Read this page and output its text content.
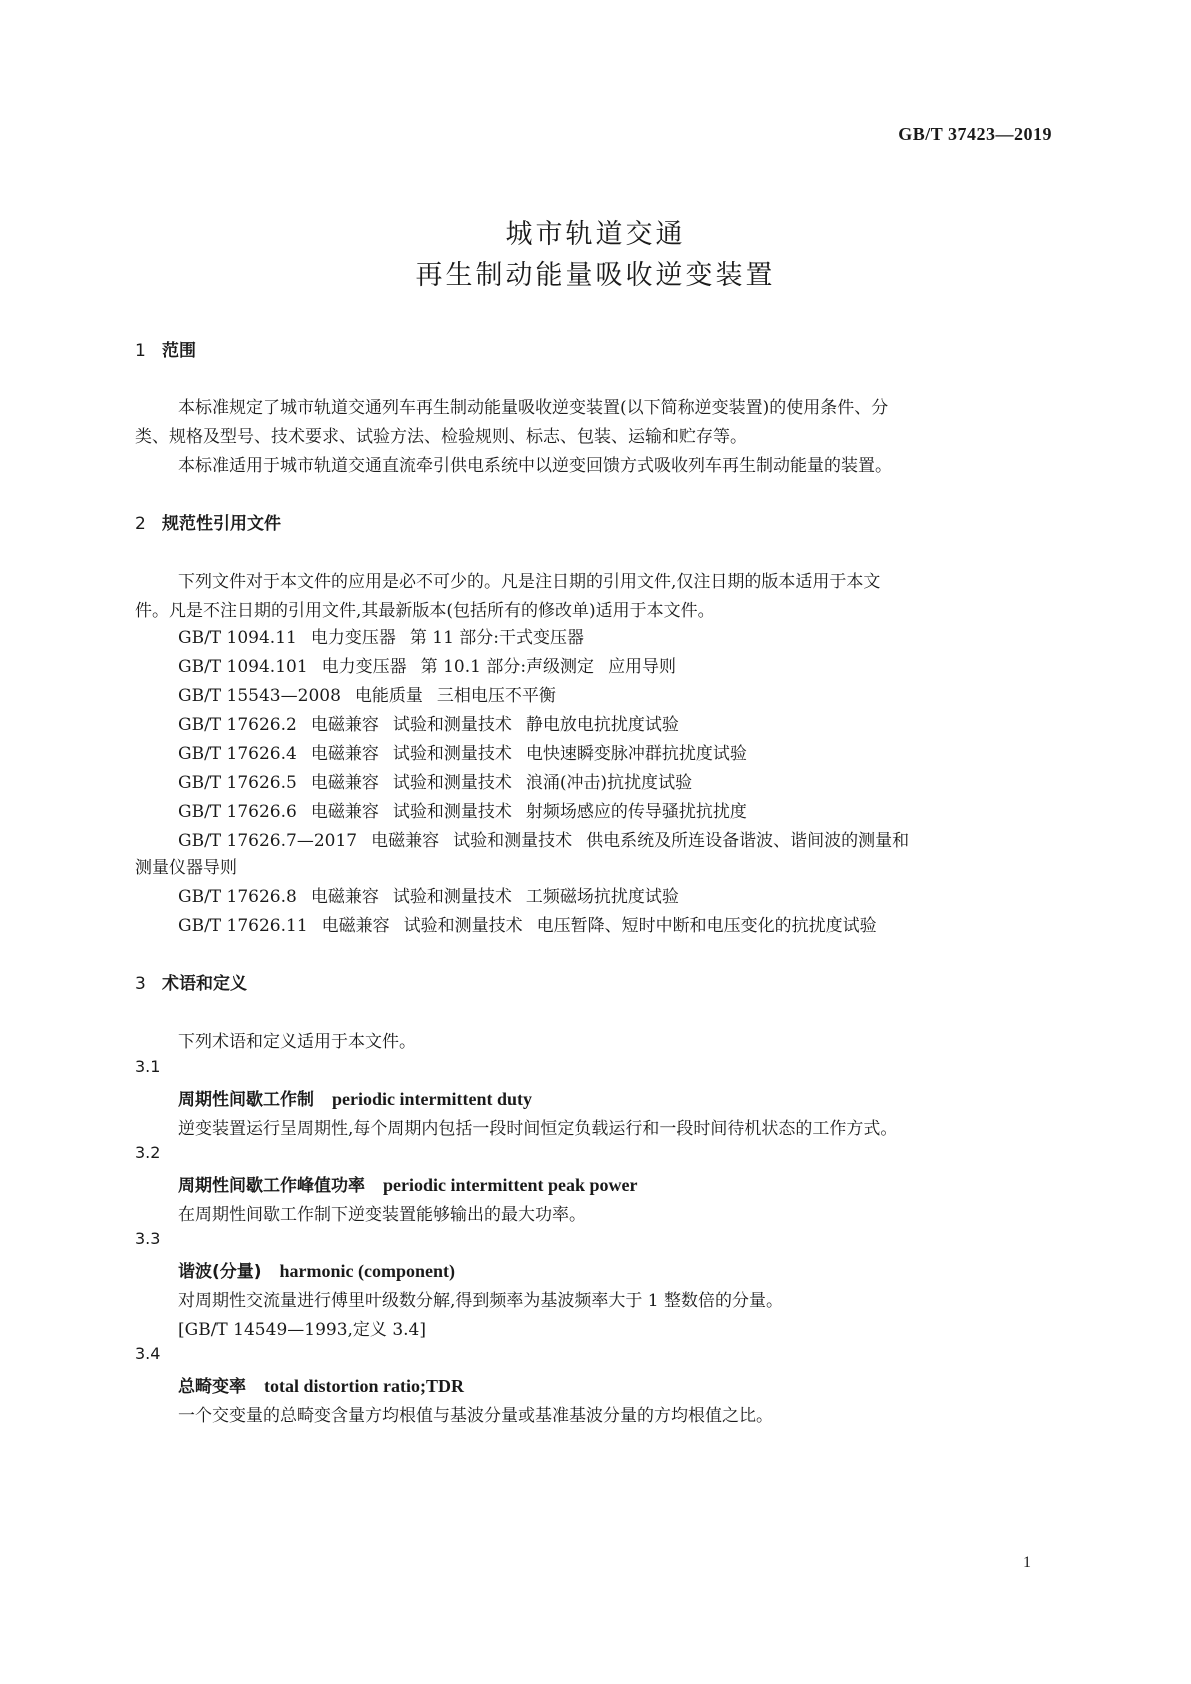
GB/T 37423—2019
城市轨道交通
再生制动能量吸收逆变装置
1 范围
本标准规定了城市轨道交通列车再生制动能量吸收逆变装置(以下简称逆变装置)的使用条件、分
类、规格及型号、技术要求、试验方法、检验规则、标志、包装、运输和贮存等。
本标准适用于城市轨道交通直流牵引供电系统中以逆变回馈方式吸收列车再生制动能量的装置。
2 规范性引用文件
下列文件对于本文件的应用是必不可少的。凡是注日期的引用文件,仅注日期的版本适用于本文
件。凡是不注日期的引用文件,其最新版本(包括所有的修改单)适用于本文件。
GB/T 1094.11 电力变压器 第 11 部分:干式变压器
GB/T 1094.101 电力变压器 第 10.1 部分:声级测定 应用导则
GB/T 15543—2008 电能质量 三相电压不平衡
GB/T 17626.2 电磁兼容 试验和测量技术 静电放电抗扰度试验
GB/T 17626.4 电磁兼容 试验和测量技术 电快速瞬变脉冲群抗扰度试验
GB/T 17626.5 电磁兼容 试验和测量技术 浪涌(冲击)抗扰度试验
GB/T 17626.6 电磁兼容 试验和测量技术 射频场感应的传导骚扰抗扰度
GB/T 17626.7—2017 电磁兼容 试验和测量技术 供电系统及所连设备谐波、谐间波的测量和
测量仪器导则
GB/T 17626.8 电磁兼容 试验和测量技术 工频磁场抗扰度试验
GB/T 17626.11 电磁兼容 试验和测量技术 电压暂降、短时中断和电压变化的抗扰度试验
3 术语和定义
下列术语和定义适用于本文件。
3.1
周期性间歇工作制 periodic intermittent duty
逆变装置运行呈周期性,每个周期内包括一段时间恒定负载运行和一段时间待机状态的工作方式。
3.2
周期性间歇工作峰值功率 periodic intermittent peak power
在周期性间歇工作制下逆变装置能够输出的最大功率。
3.3
谐波(分量) harmonic (component)
对周期性交流量进行傅里叶级数分解,得到频率为基波频率大于 1 整数倍的分量。
[GB/T 14549—1993,定义 3.4]
3.4
总畸变率 total distortion ratio;TDR
一个交变量的总畸变含量方均根值与基波分量或基准基波分量的方均根值之比。
1
